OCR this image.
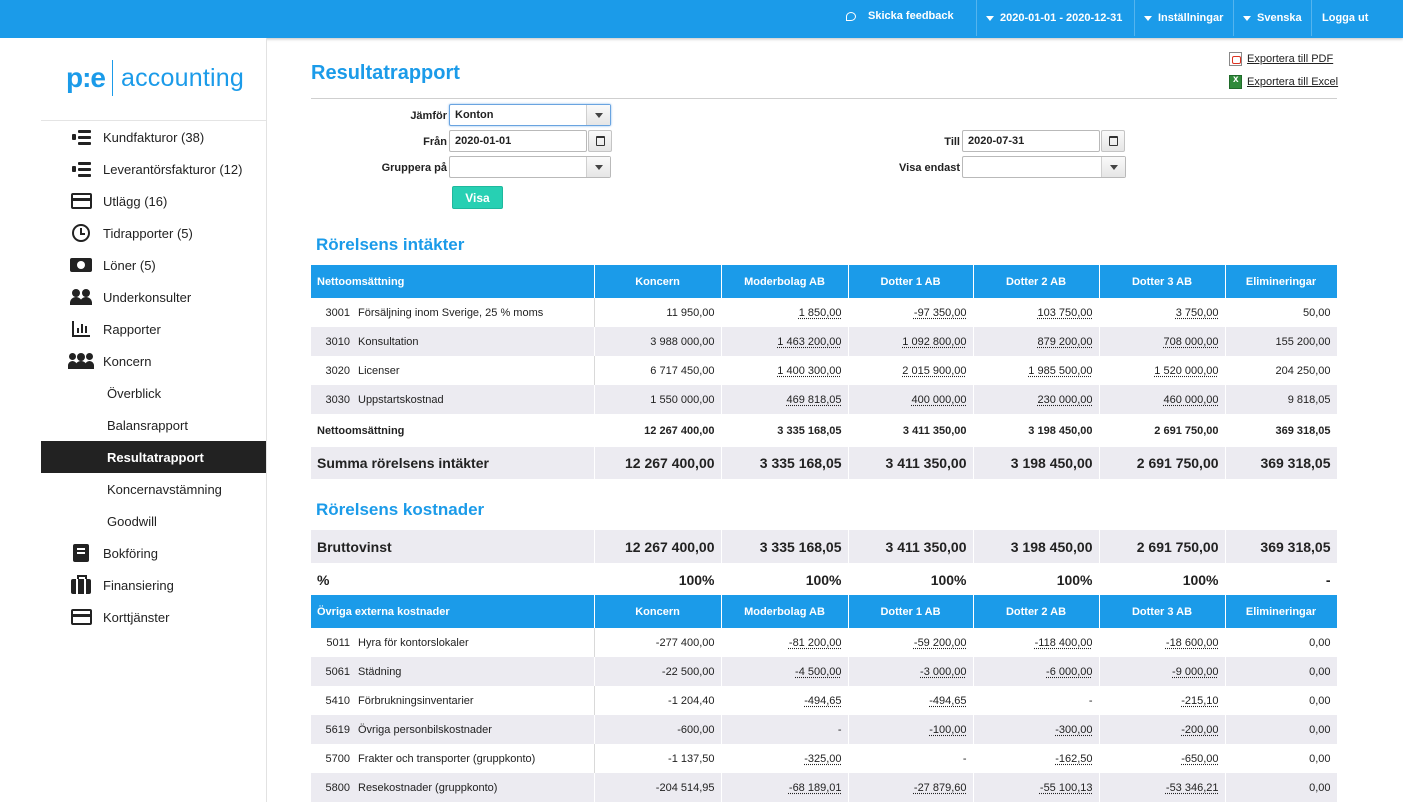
Skicka feedback	2020-01-01 - 2020-12-31	Inställningar	Svenska Logga ut
p:e accounting
Kundfakturor (38)
Leverantörsfakturor (12)
Utlägg (16)
Tidrapporter (5)
Löner (5)
Underkonsulter
Rapporter
Koncern
Överblick
Balansrapport
Resultatrapport
Koncernavstämning
Goodwill
Bokföring
Finansiering
Korttjänster
Resultatrapport
Exportera till PDF
x
Exportera till Excel
Jämför Konton
Från 2020-01-01	Till 2020-07-31
Gruppera på	Visa endast
Visa
Rörelsens intäkter
Nettoomsättning		Koncern	Moderbolag AB	Dotter 1 AB	Dotter 2 AB	Dotter 3 AB	Elimineringar
3001	Försäljning inom Sverige, 25 % moms	11 950,00	1 850,00	-97 350,00	103 750,00	3 750,00	50,00
3010	Konsultation	3 988 000,00	1 463 200,00	1 092 800,00	879 200,00	708 000,00	155 200,00
3020	Licenser	6 717 450,00	1 400 300,00	2 015 900,00	1 985 500,00	1 520 000,00	204 250,00
3030	Uppstartskostnad	1 550 000,00	469 818,05	400 000,00	230 000,00	460 000,00	9 818,05
Nettoomsättning		12 267 400,00	3 335 168,05	3 411 350,00	3 198 450,00	2 691 750,00	369 318,05
Summa rörelsens intäkter		12 267 400,00	3 335 168,05	3 411 350,00	3 198 450,00	2 691 750,00	369 318,05
Rörelsens kostnader
Bruttovinst	12 267 400,00	3 335 168,05	3 411 350,00	3 198 450,00	2 691 750,00	369 318,05
%	100%	100%	100%	100%	100%	-
Övriga externa kostnader		Koncern	Moderbolag AB	Dotter 1 AB	Dotter 2 AB	Dotter 3 AB	Elimineringar
5011	Hyra för kontorslokaler	-277 400,00	-81 200,00	-59 200,00	-118 400,00	-18 600,00	0,00
5061	Städning	-22 500,00	-4 500,00	-3 000,00	-6 000,00	-9 000,00	0,00
5410	Förbrukningsinventarier	-1 204,40	-494,65	-494,65	-	-215,10	0,00
5619	Övriga personbilskostnader	-600,00	-	-100,00	-300,00	-200,00	0,00
5700	Frakter och transporter (gruppkonto)	-1 137,50	-325,00	-	-162,50	-650,00	0,00
5800	Resekostnader (gruppkonto)	-204 514,95	-68 189,01	-27 879,60	-55 100,13	-53 346,21	0,00
